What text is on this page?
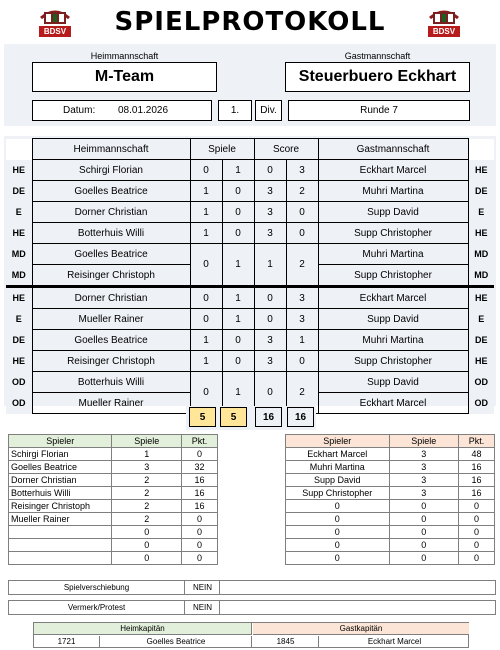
BDSV	SPIELPROTOKOLL	BDSV
Heimmannschaft	Gastmannschaft
M-Team	Steuerbuero Eckhart
Datum: 08.01.2026	1.	Div.	Runde 7
	Heimmannschaft	Spiele		Score		Gastmannschaft	
HE	Schirgi Florian	0	1	0	3	Eckhart Marcel	HE
DE	Goelles Beatrice	1	0	3	2	Muhri Martina	DE
E	Dorner Christian	1	0	3	0	Supp David	E
HE	Botterhuis Willi	1	0	3	0	Supp Christopher	HE
MD	Goelles Beatrice	0	1	1	2	Muhri Martina	MD
MD	Reisinger Christoph					Supp Christopher	MD
HE	Dorner Christian	0	1	0	3	Eckhart Marcel	HE
E	Mueller Rainer	0	1	0	3	Supp David	E
DE	Goelles Beatrice	1	0	3	1	Muhri Martina	DE
HE	Reisinger Christoph	1	0	3	0	Supp Christopher	HE
OD	Botterhuis Willi	0	1	0	2	Supp David	OD
OD	Mueller Rainer					Eckhart Marcel	OD
5	5	16	16
Spieler	Spiele	Pkt.
Schirgi Florian	1	0
Goelles Beatrice	3	32
Dorner Christian	2	16
Botterhuis Willi	2	16
Reisinger Christoph	2	16
Mueller Rainer	2	0
	0	0
	0	0
	0	0
Spieler	Spiele	Pkt.
Eckhart Marcel	3	48
Muhri Martina	3	16
Supp David	3	16
Supp Christopher	3	16
0	0	0
0	0	0
0	0	0
0	0	0
0	0	0
Spielverschiebung	NEIN
Vermerk/Protest	NEIN
Heimkapitän	Gastkapitän
1721	Goelles Beatrice	1845	Eckhart Marcel
